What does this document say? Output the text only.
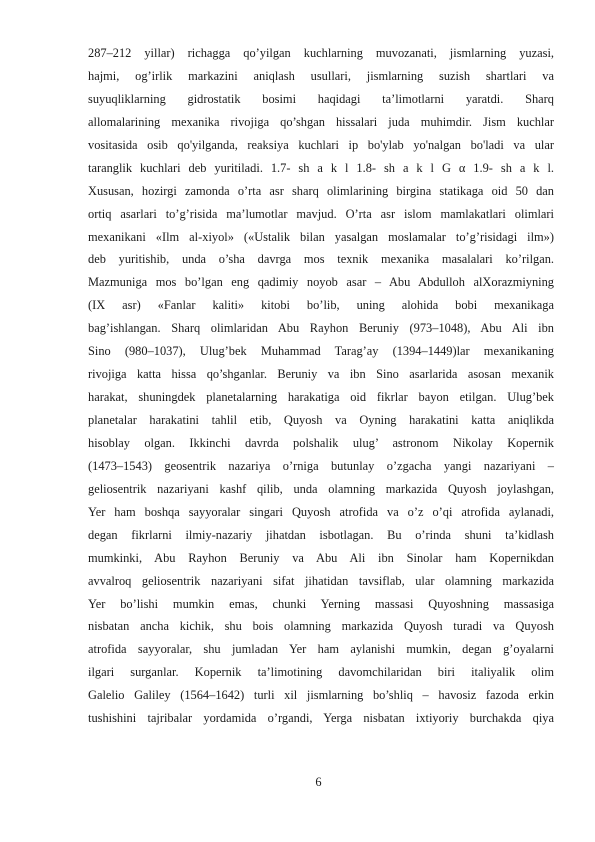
287–212 yillar) richagga qo’yilgan kuchlarning muvozanati, jismlarning yuzasi,
hajmi, og’irlik markazini aniqlash usullari, jismlarning suzish shartlari va
suyuqliklarning gidrostatik bosimi haqidagi ta’limotlarni yaratdi. Sharq
allomalarining mexanika rivojiga qo’shgan hissalari juda muhimdir. Jism kuchlar
vositasida osib qo'yilganda, reaksiya kuchlari ip bo'ylab yo'nalgan bo'ladi va ular
taranglik kuchlari deb yuritiladi. 1.7- sh a k l 1.8- sh a k l G α 1.9- sh a k l.
Xususan, hozirgi zamonda o’rta asr sharq olimlarining birgina statikaga oid 50 dan
ortiq asarlari to’g’risida ma’lumotlar mavjud. O’rta asr islom mamlakatlari olimlari
mexanikani «Ilm al-xiyol» («Ustalik bilan yasalgan moslamalar to’g’risidagi ilm»)
deb yuritishib, unda o’sha davrga mos texnik mexanika masalalari ko’rilgan.
Mazmuniga mos bo’lgan eng qadimiy noyob asar – Abu Abdulloh alXorazmiyning
(IX asr) «Fanlar kaliti» kitobi bo’lib, uning alohida bobi mexanikaga
bag’ishlangan. Sharq olimlaridan Abu Rayhon Beruniy (973–1048), Abu Ali ibn
Sino (980–1037), Ulug’bek Muhammad Tarag’ay (1394–1449)lar mexanikaning
rivojiga katta hissa qo’shganlar. Beruniy va ibn Sino asarlarida asosan mexanik
harakat, shuningdek planetalarning harakatiga oid fikrlar bayon etilgan. Ulug’bek
planetalar harakatini tahlil etib, Quyosh va Oyning harakatini katta aniqlikda
hisoblay olgan. Ikkinchi davrda polshalik ulug’ astronom Nikolay Kopernik
(1473–1543) geosentrik nazariya o’rniga butunlay o’zgacha yangi nazariyani –
geliosentrik nazariyani kashf qilib, unda olamning markazida Quyosh joylashgan,
Yer ham boshqa sayyoralar singari Quyosh atrofida va o’z o’qi atrofida aylanadi,
degan fikrlarni ilmiy-nazariy jihatdan isbotlagan. Bu o’rinda shuni ta’kidlash
mumkinki, Abu Rayhon Beruniy va Abu Ali ibn Sinolar ham Kopernikdan
avvalroq geliosentrik nazariyani sifat jihatidan tavsiflab, ular olamning markazida
Yer bo’lishi mumkin emas, chunki Yerning massasi Quyoshning massasiga
nisbatan ancha kichik, shu bois olamning markazida Quyosh turadi va Quyosh
atrofida sayyoralar, shu jumladan Yer ham aylanishi mumkin, degan g’oyalarni
ilgari surganlar. Kopernik ta’limotining davomchilaridan biri italiyalik olim
Galelio Galiley (1564–1642) turli xil jismlarning bo’shliq – havosiz fazoda erkin
tushishini tajribalar yordamida o’rgandi, Yerga nisbatan ixtiyoriy burchakda qiya
6
